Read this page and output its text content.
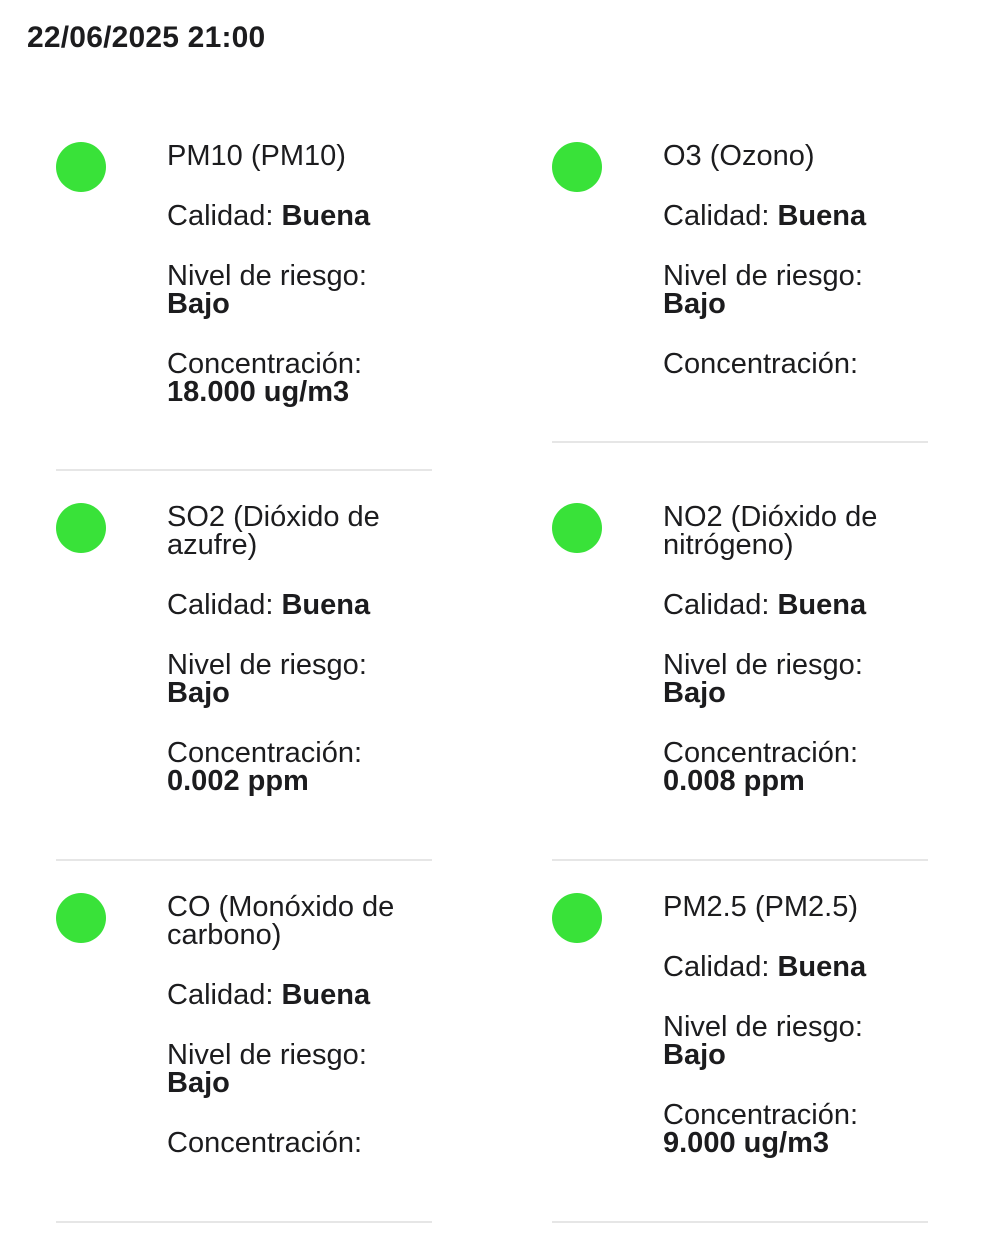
22/06/2025 21:00
PM10 (PM10)
Calidad: Buena
Nivel de riesgo:
Bajo
Concentración:
18.000 ug/m3
O3 (Ozono)
Calidad: Buena
Nivel de riesgo:
Bajo
Concentración:
SO2 (Dióxido de azufre)
Calidad: Buena
Nivel de riesgo:
Bajo
Concentración:
0.002 ppm
NO2 (Dióxido de nitrógeno)
Calidad: Buena
Nivel de riesgo:
Bajo
Concentración:
0.008 ppm
CO (Monóxido de carbono)
Calidad: Buena
Nivel de riesgo:
Bajo
Concentración:
PM2.5 (PM2.5)
Calidad: Buena
Nivel de riesgo:
Bajo
Concentración:
9.000 ug/m3
